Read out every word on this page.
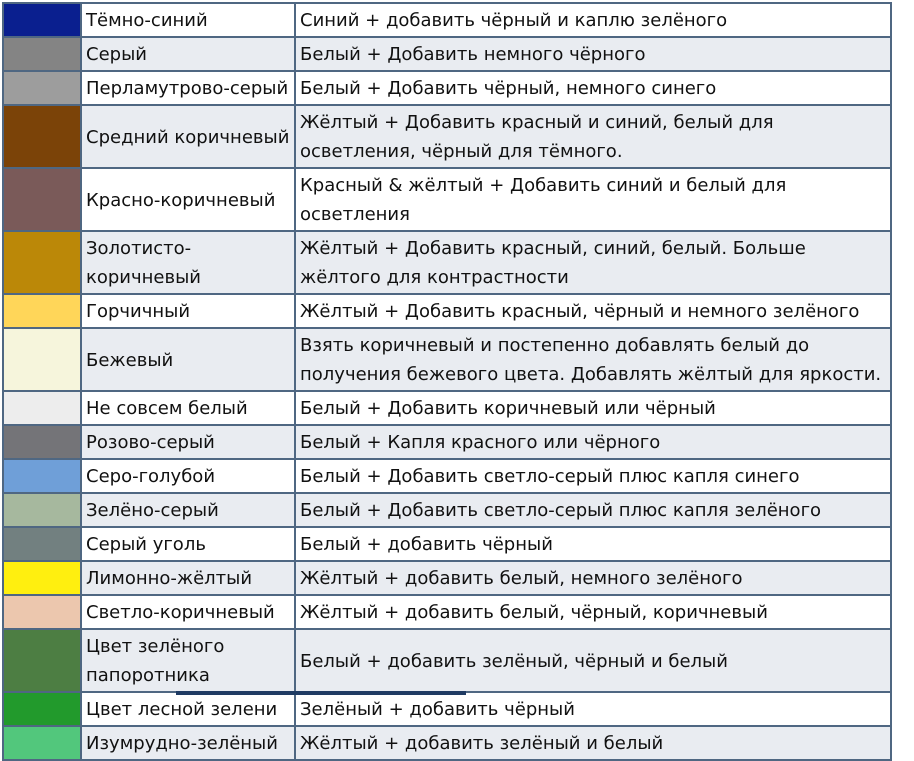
	Тёмно-синий	Синий + добавить чёрный и каплю зелёного
	Серый	Белый + Добавить немного чёрного
	Перламутрово-серый	Белый + Добавить чёрный, немного синего
	Средний коричневый	Жёлтый + Добавить красный и синий, белый для осветления, чёрный для тёмного.
	Красно-коричневый	Красный & жёлтый + Добавить синий и белый для осветления
	Золотисто-коричневый	Жёлтый + Добавить красный, синий, белый. Больше жёлтого для контрастности
	Горчичный	Жёлтый + Добавить красный, чёрный и немного зелёного
	Бежевый	Взять коричневый и постепенно добавлять белый до получения бежевого цвета. Добавлять жёлтый для яркости.
	Не совсем белый	Белый + Добавить коричневый или чёрный
	Розово-серый	Белый + Капля красного или чёрного
	Серо-голубой	Белый + Добавить светло-серый плюс капля синего
	Зелёно-серый	Белый + Добавить светло-серый плюс капля зелёного
	Серый уголь	Белый + добавить чёрный
	Лимонно-жёлтый	Жёлтый + добавить белый, немного зелёного
	Светло-коричневый	Жёлтый + добавить белый, чёрный, коричневый
	Цвет зелёного папоротника	Белый + добавить зелёный, чёрный и белый
	Цвет лесной зелени	Зелёный + добавить чёрный
	Изумрудно-зелёный	Жёлтый + добавить зелёный и белый
